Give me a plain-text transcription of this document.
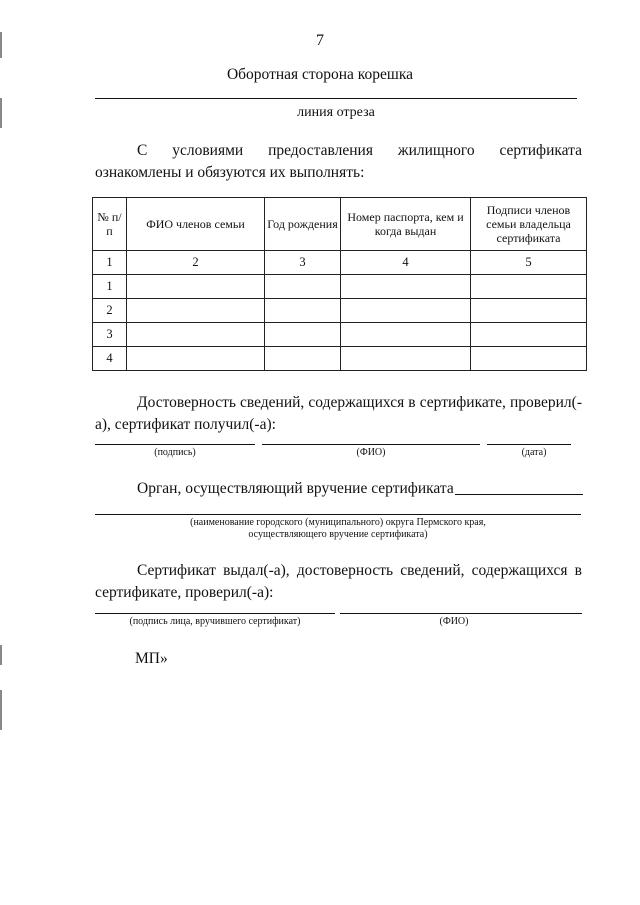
7
Оборотная сторона корешка
линия отреза
С условиями предоставления жилищного сертификата ознакомлены и обязуются их выполнять:
№ п/п	ФИО членов семьи	Год рождения	Номер паспорта, кем и когда выдан	Подписи членов семьи владельца сертификата
1	2	3	4	5
1				
2				
3				
4				
Достоверность сведений, содержащихся в сертификате, проверил(-а), сертификат получил(-а):
(подпись)	(ФИО)	(дата)
Орган, осуществляющий вручение сертификата
(наименование городского (муниципального) округа Пермского края,
осуществляющего вручение сертификата)
Сертификат выдал(-а), достоверность сведений, содержащихся в сертификате, проверил(-а):
(подпись лица, вручившего сертификат)	(ФИО)
МП»
